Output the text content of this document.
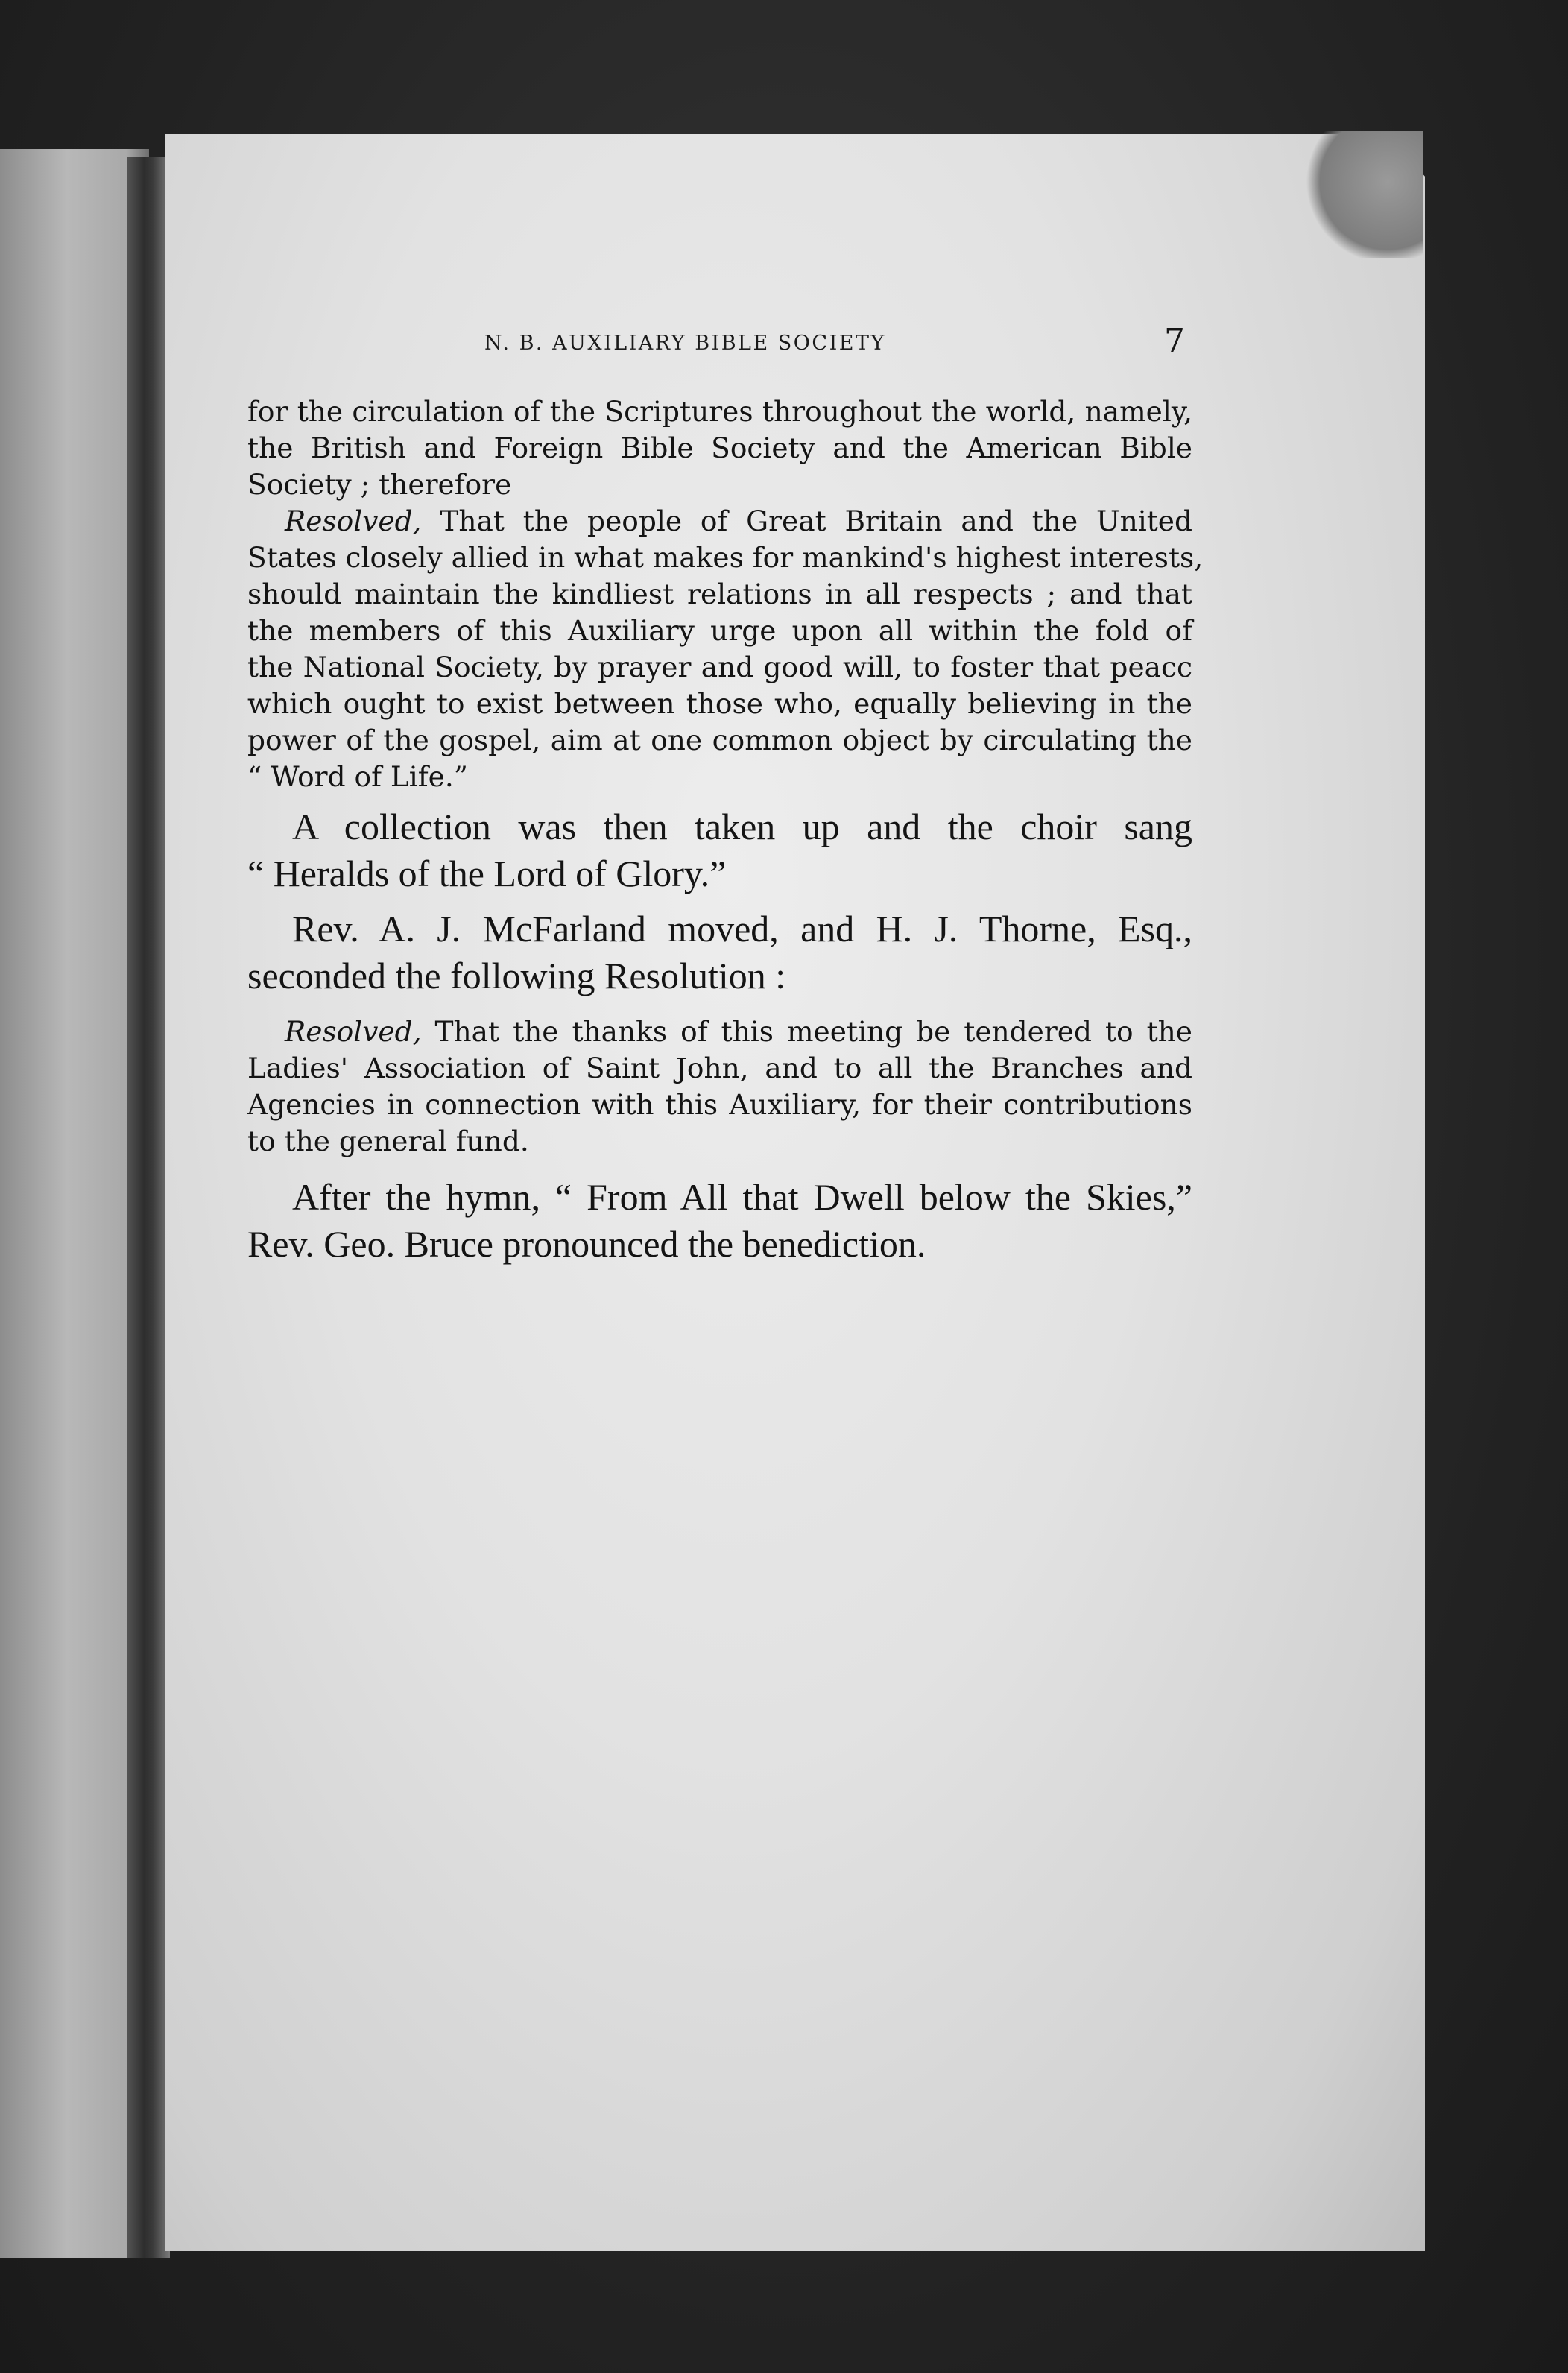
N. B. AUXILIARY BIBLE SOCIETY	7
for the circulation of the Scriptures throughout the world, namely,
the British and Foreign Bible Society and the American Bible
Society ; therefore
Resolved, That the people of Great Britain and the United
States closely allied in what makes for mankind's highest interests,
should maintain the kindliest relations in all respects ; and that
the members of this Auxiliary urge upon all within the fold of
the National Society, by prayer and good will, to foster that peacc
which ought to exist between those who, equally believing in the
power of the gospel, aim at one common object by circulating the
“ Word of Life.”
A collection was then taken up and the choir sang
“ Heralds of the Lord of Glory.”
Rev. A. J. McFarland moved, and H. J. Thorne, Esq.,
seconded the following Resolution :
Resolved, That the thanks of this meeting be tendered to the
Ladies' Association of Saint John, and to all the Branches and
Agencies in connection with this Auxiliary, for their contributions
to the general fund.
After the hymn, “ From All that Dwell below the Skies,”
Rev. Geo. Bruce pronounced the benediction.
